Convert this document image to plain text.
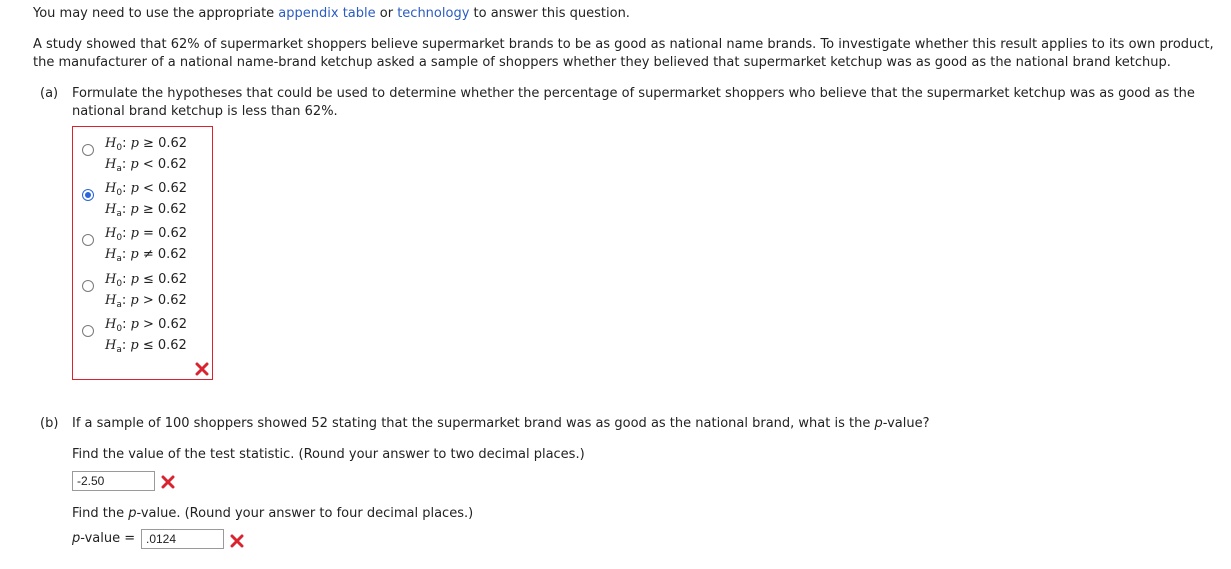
You may need to use the appropriate appendix table or technology to answer this question.
A study showed that 62% of supermarket shoppers believe supermarket brands to be as good as national name brands. To investigate whether this result applies to its own product,
the manufacturer of a national name-brand ketchup asked a sample of shoppers whether they believed that supermarket ketchup was as good as the national brand ketchup.
(a) Formulate the hypotheses that could be used to determine whether the percentage of supermarket shoppers who believe that the supermarket ketchup was as good as the
national brand ketchup is less than 62%.
$H_0$: p ≥ 0.62
$H_a$: p < 0.62
$H_0$: p < 0.62
$H_a$: p ≥ 0.62
$H_0$: p = 0.62
$H_a$: p ≠ 0.62
$H_0$: p ≤ 0.62
$H_a$: p > 0.62
$H_0$: p > 0.62
$H_a$: p ≤ 0.62
(b) If a sample of 100 shoppers showed 52 stating that the supermarket brand was as good as the national brand, what is the p-value?
Find the value of the test statistic. (Round your answer to two decimal places.)
-2.50
Find the p-value. (Round your answer to four decimal places.)
p-value = .0124
